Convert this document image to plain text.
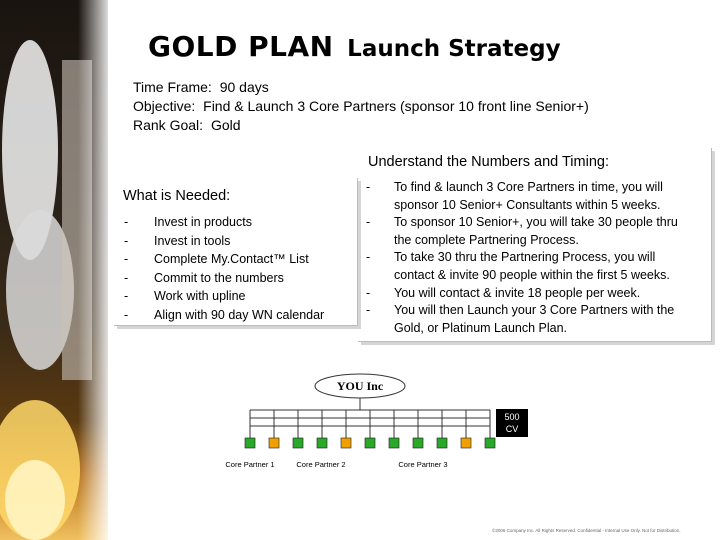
GOLD PLAN Launch Strategy
Time Frame: 90 days
Objective: Find & Launch 3 Core Partners (sponsor 10 front line Senior+)
Rank Goal: Gold
What is Needed:
-	Invest in products
-	Invest in tools
-	Complete My.Contact™ List
-	Commit to the numbers
-	Work with upline
-	Align with 90 day WN calendar
Understand the Numbers and Timing:
-	To find & launch 3 Core Partners in time, you will sponsor 10 Senior+ Consultants within 5 weeks.
-	To sponsor 10 Senior+, you will take 30 people thru the complete Partnering Process.
-	To take 30 thru the Partnering Process, you will contact & invite 90 people within the first 5 weeks.
-	You will contact & invite 18 people per week.
-	You will then Launch your 3 Core Partners with the Gold, or Platinum Launch Plan.
YOU Inc
500
CV
Core Partner 1	Core Partner 2	Core Partner 3
©2006 Company Inc. All Rights Reserved. Confidential - Internal Use Only. Not for Distribution.
